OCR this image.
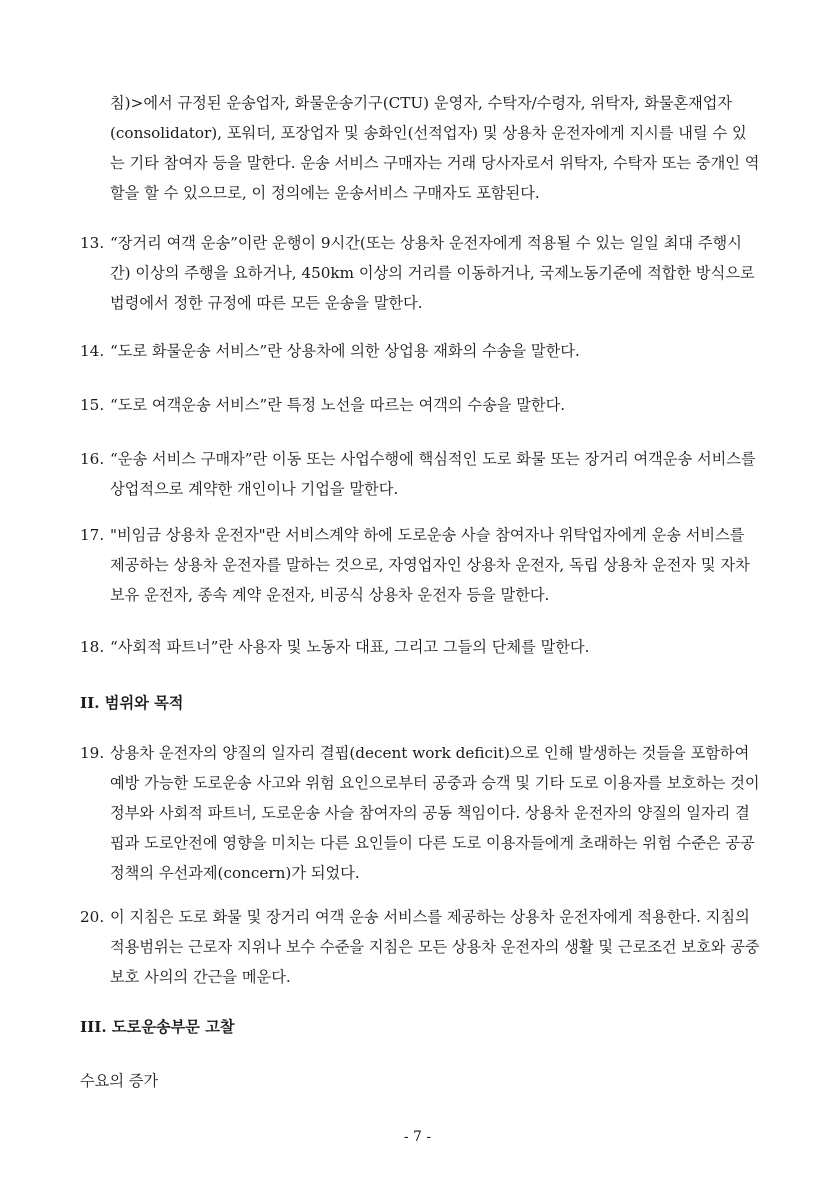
침)>에서 규정된 운송업자, 화물운송기구(CTU) 운영자, 수탁자/수령자, 위탁자, 화물혼재업자(consolidator), 포워더, 포장업자 및 송화인(선적업자) 및 상용차 운전자에게 지시를 내릴 수 있는 기타 참여자 등을 말한다. 운송 서비스 구매자는 거래 당사자로서 위탁자, 수탁자 또는 중개인 역할을 할 수 있으므로, 이 정의에는 운송서비스 구매자도 포함된다.

13. “장거리 여객 운송”이란 운행이 9시간(또는 상용차 운전자에게 적용될 수 있는 일일 최대 주행시간) 이상의 주행을 요하거나, 450km 이상의 거리를 이동하거나, 국제노동기준에 적합한 방식으로 법령에서 정한 규정에 따른 모든 운송을 말한다.

14. “도로 화물운송 서비스”란 상용차에 의한 상업용 재화의 수송을 말한다.

15. “도로 여객운송 서비스”란 특정 노선을 따르는 여객의 수송을 말한다.

16. “운송 서비스 구매자”란 이동 또는 사업수행에 핵심적인 도로 화물 또는 장거리 여객운송 서비스를 상업적으로 계약한 개인이나 기업을 말한다.

17. "비임금 상용차 운전자"란 서비스계약 하에 도로운송 사슬 참여자나 위탁업자에게 운송 서비스를 제공하는 상용차 운전자를 말하는 것으로, 자영업자인 상용차 운전자, 독립 상용차 운전자 및 자차 보유 운전자, 종속 계약 운전자, 비공식 상용차 운전자 등을 말한다.

18. “사회적 파트너”란 사용자 및 노동자 대표, 그리고 그들의 단체를 말한다.

II. 범위와 목적
19. 상용차 운전자의 양질의 일자리 결핍(decent work deficit)으로 인해 발생하는 것들을 포함하여 예방 가능한 도로운송 사고와 위험 요인으로부터 공중과 승객 및 기타 도로 이용자를 보호하는 것이 정부와 사회적 파트너, 도로운송 사슬 참여자의 공동 책임이다. 상용차 운전자의 양질의 일자리 결핍과 도로안전에 영향을 미치는 다른 요인들이 다른 도로 이용자들에게 초래하는 위험 수준은 공공 정책의 우선과제(concern)가 되었다.

20. 이 지침은 도로 화물 및 장거리 여객 운송 서비스를 제공하는 상용차 운전자에게 적용한다. 지침의 적용범위는 근로자 지위나 보수 수준을 지침은 모든 상용차 운전자의 생활 및 근로조건 보호와 공중 보호 사의의 간근을 메운다.

III. 도로운송부문 고찰
수요의 증가
- 7 -
